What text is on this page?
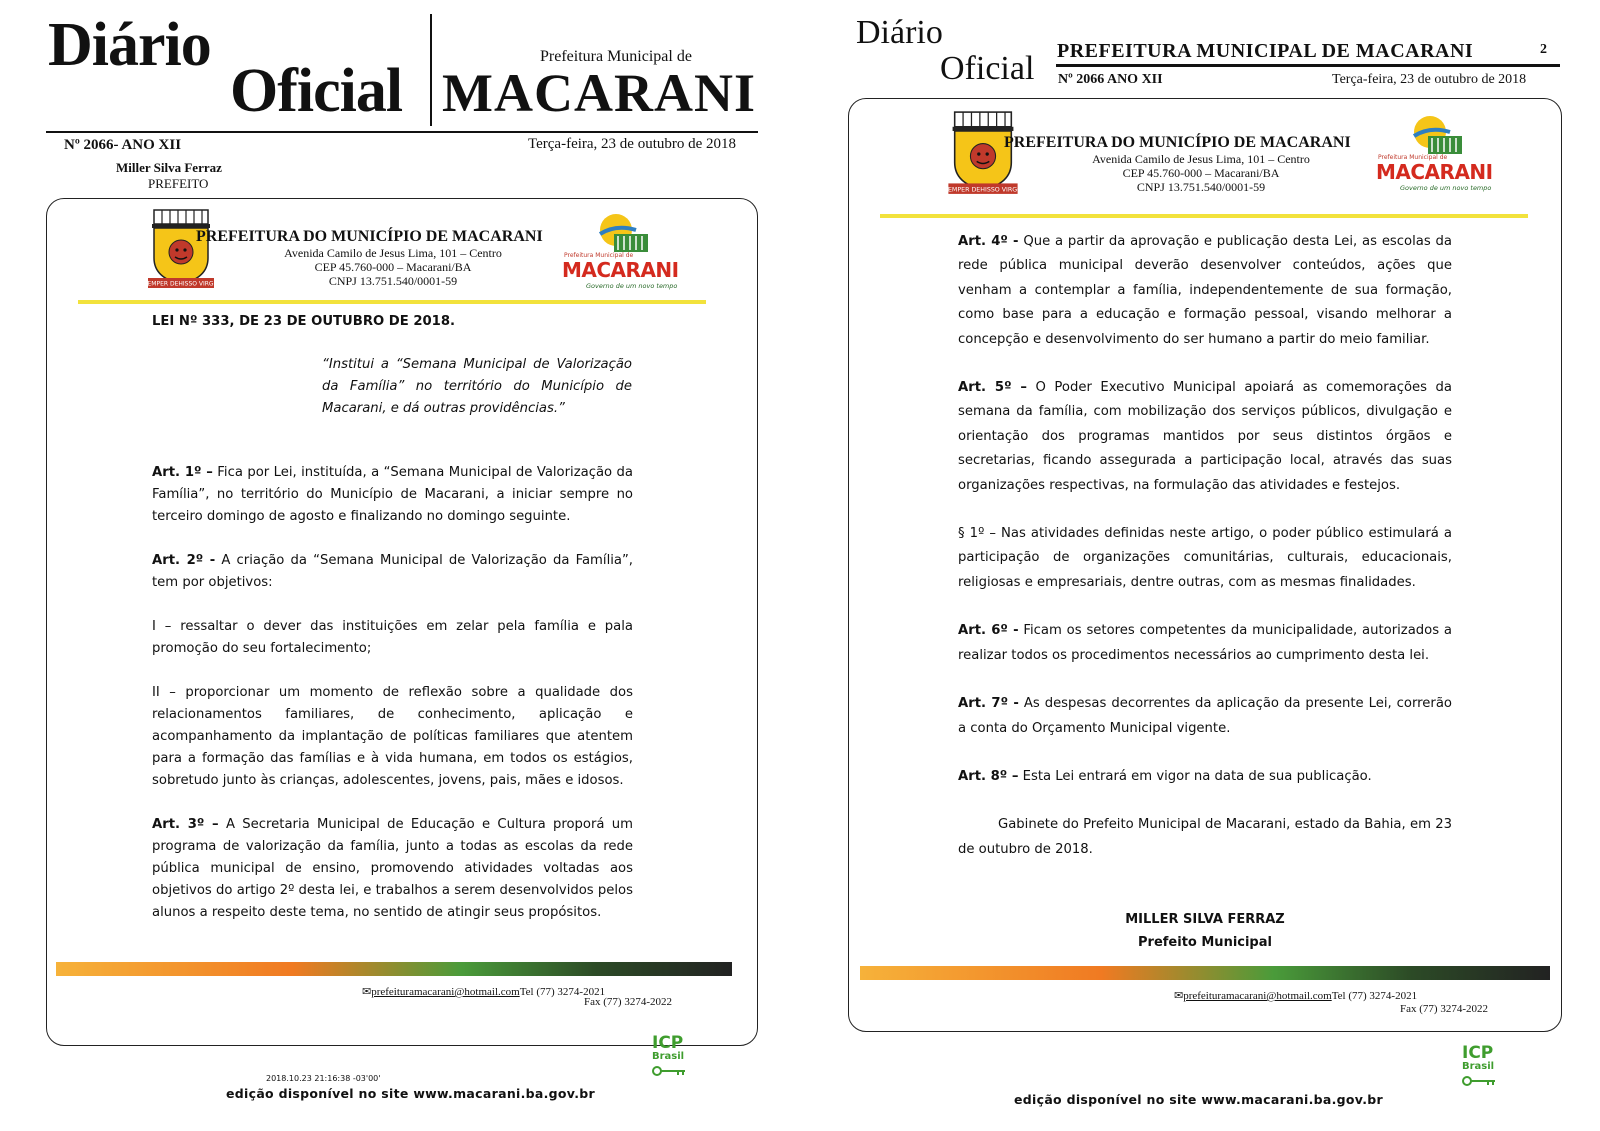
Diário
Oficial
Prefeitura Municipal de
MACARANI
Nº 2066- ANO XII	Terça-feira, 23 de outubro de 2018
Miller Silva Ferraz
PREFEITO
SEMPER DEHISSO VIRGO
PREFEITURA DO MUNICÍPIO DE MACARANI
Avenida Camilo de Jesus Lima, 101 – Centro
CEP 45.760-000 – Macarani/BA
CNPJ 13.751.540/0001-59
Prefeitura Municipal de
MACARANI
Governo de um novo tempo
LEI Nº 333, DE 23 DE OUTUBRO DE 2018.
“Institui a “Semana Municipal de Valorização da Família” no território do Município de Macarani, e dá outras providências.”

Art. 1º – Fica por Lei, instituída, a “Semana Municipal de Valorização da Família”, no território do Município de Macarani, a iniciar sempre no terceiro domingo de agosto e finalizando no domingo seguinte.

Art. 2º - A criação da “Semana Municipal de Valorização da Família”, tem por objetivos:

I – ressaltar o dever das instituições em zelar pela família e pala promoção do seu fortalecimento;

II – proporcionar um momento de reflexão sobre a qualidade dos relacionamentos familiares, de conhecimento, aplicação e acompanhamento da implantação de políticas familiares que atentem para a formação das famílias e à vida humana, em todos os estágios, sobretudo junto às crianças, adolescentes, jovens, pais, mães e idosos.

Art. 3º – A Secretaria Municipal de Educação e Cultura proporá um programa de valorização da família, junto a todas as escolas da rede pública municipal de ensino, promovendo atividades voltadas aos objetivos do artigo 2º desta lei, e trabalhos a serem desenvolvidos pelos alunos a respeito deste tema, no sentido de atingir seus propósitos.

✉prefeituramacarani@hotmail.comTel (77) 3274-2021
Fax (77) 3274-2022
2018.10.23 21:16:38 -03'00'
edição disponível no site www.macarani.ba.gov.br
ICP
Brasil
Diário
Oficial PREFEITURA MUNICIPAL DE MACARANI	2
Nº 2066 ANO XII	Terça-feira, 23 de outubro de 2018
SEMPER DEHISSO VIRGO
PREFEITURA DO MUNICÍPIO DE MACARANI
Avenida Camilo de Jesus Lima, 101 – Centro
CEP 45.760-000 – Macarani/BA
CNPJ 13.751.540/0001-59
Prefeitura Municipal de
MACARANI
Governo de um novo tempo

Art. 4º - Que a partir da aprovação e publicação desta Lei, as escolas da rede pública municipal deverão desenvolver conteúdos, ações que venham a contemplar a família, independentemente de sua formação, como base para a educação e formação pessoal, visando melhorar a concepção e desenvolvimento do ser humano a partir do meio familiar.

Art. 5º – O Poder Executivo Municipal apoiará as comemorações da semana da família, com mobilização dos serviços públicos, divulgação e orientação dos programas mantidos por seus distintos órgãos e secretarias, ficando assegurada a participação local, através das suas organizações respectivas, na formulação das atividades e festejos.

§ 1º – Nas atividades definidas neste artigo, o poder público estimulará a participação de organizações comunitárias, culturais, educacionais, religiosas e empresariais, dentre outras, com as mesmas finalidades.

Art. 6º - Ficam os setores competentes da municipalidade, autorizados a realizar todos os procedimentos necessários ao cumprimento desta lei.

Art. 7º - As despesas decorrentes da aplicação da presente Lei, correrão a conta do Orçamento Municipal vigente.

Art. 8º – Esta Lei entrará em vigor na data de sua publicação.

Gabinete do Prefeito Municipal de Macarani, estado da Bahia, em 23 de outubro de 2018.

MILLER SILVA FERRAZ
Prefeito Municipal
✉prefeituramacarani@hotmail.comTel (77) 3274-2021
Fax (77) 3274-2022
edição disponível no site www.macarani.ba.gov.br
ICP
Brasil
